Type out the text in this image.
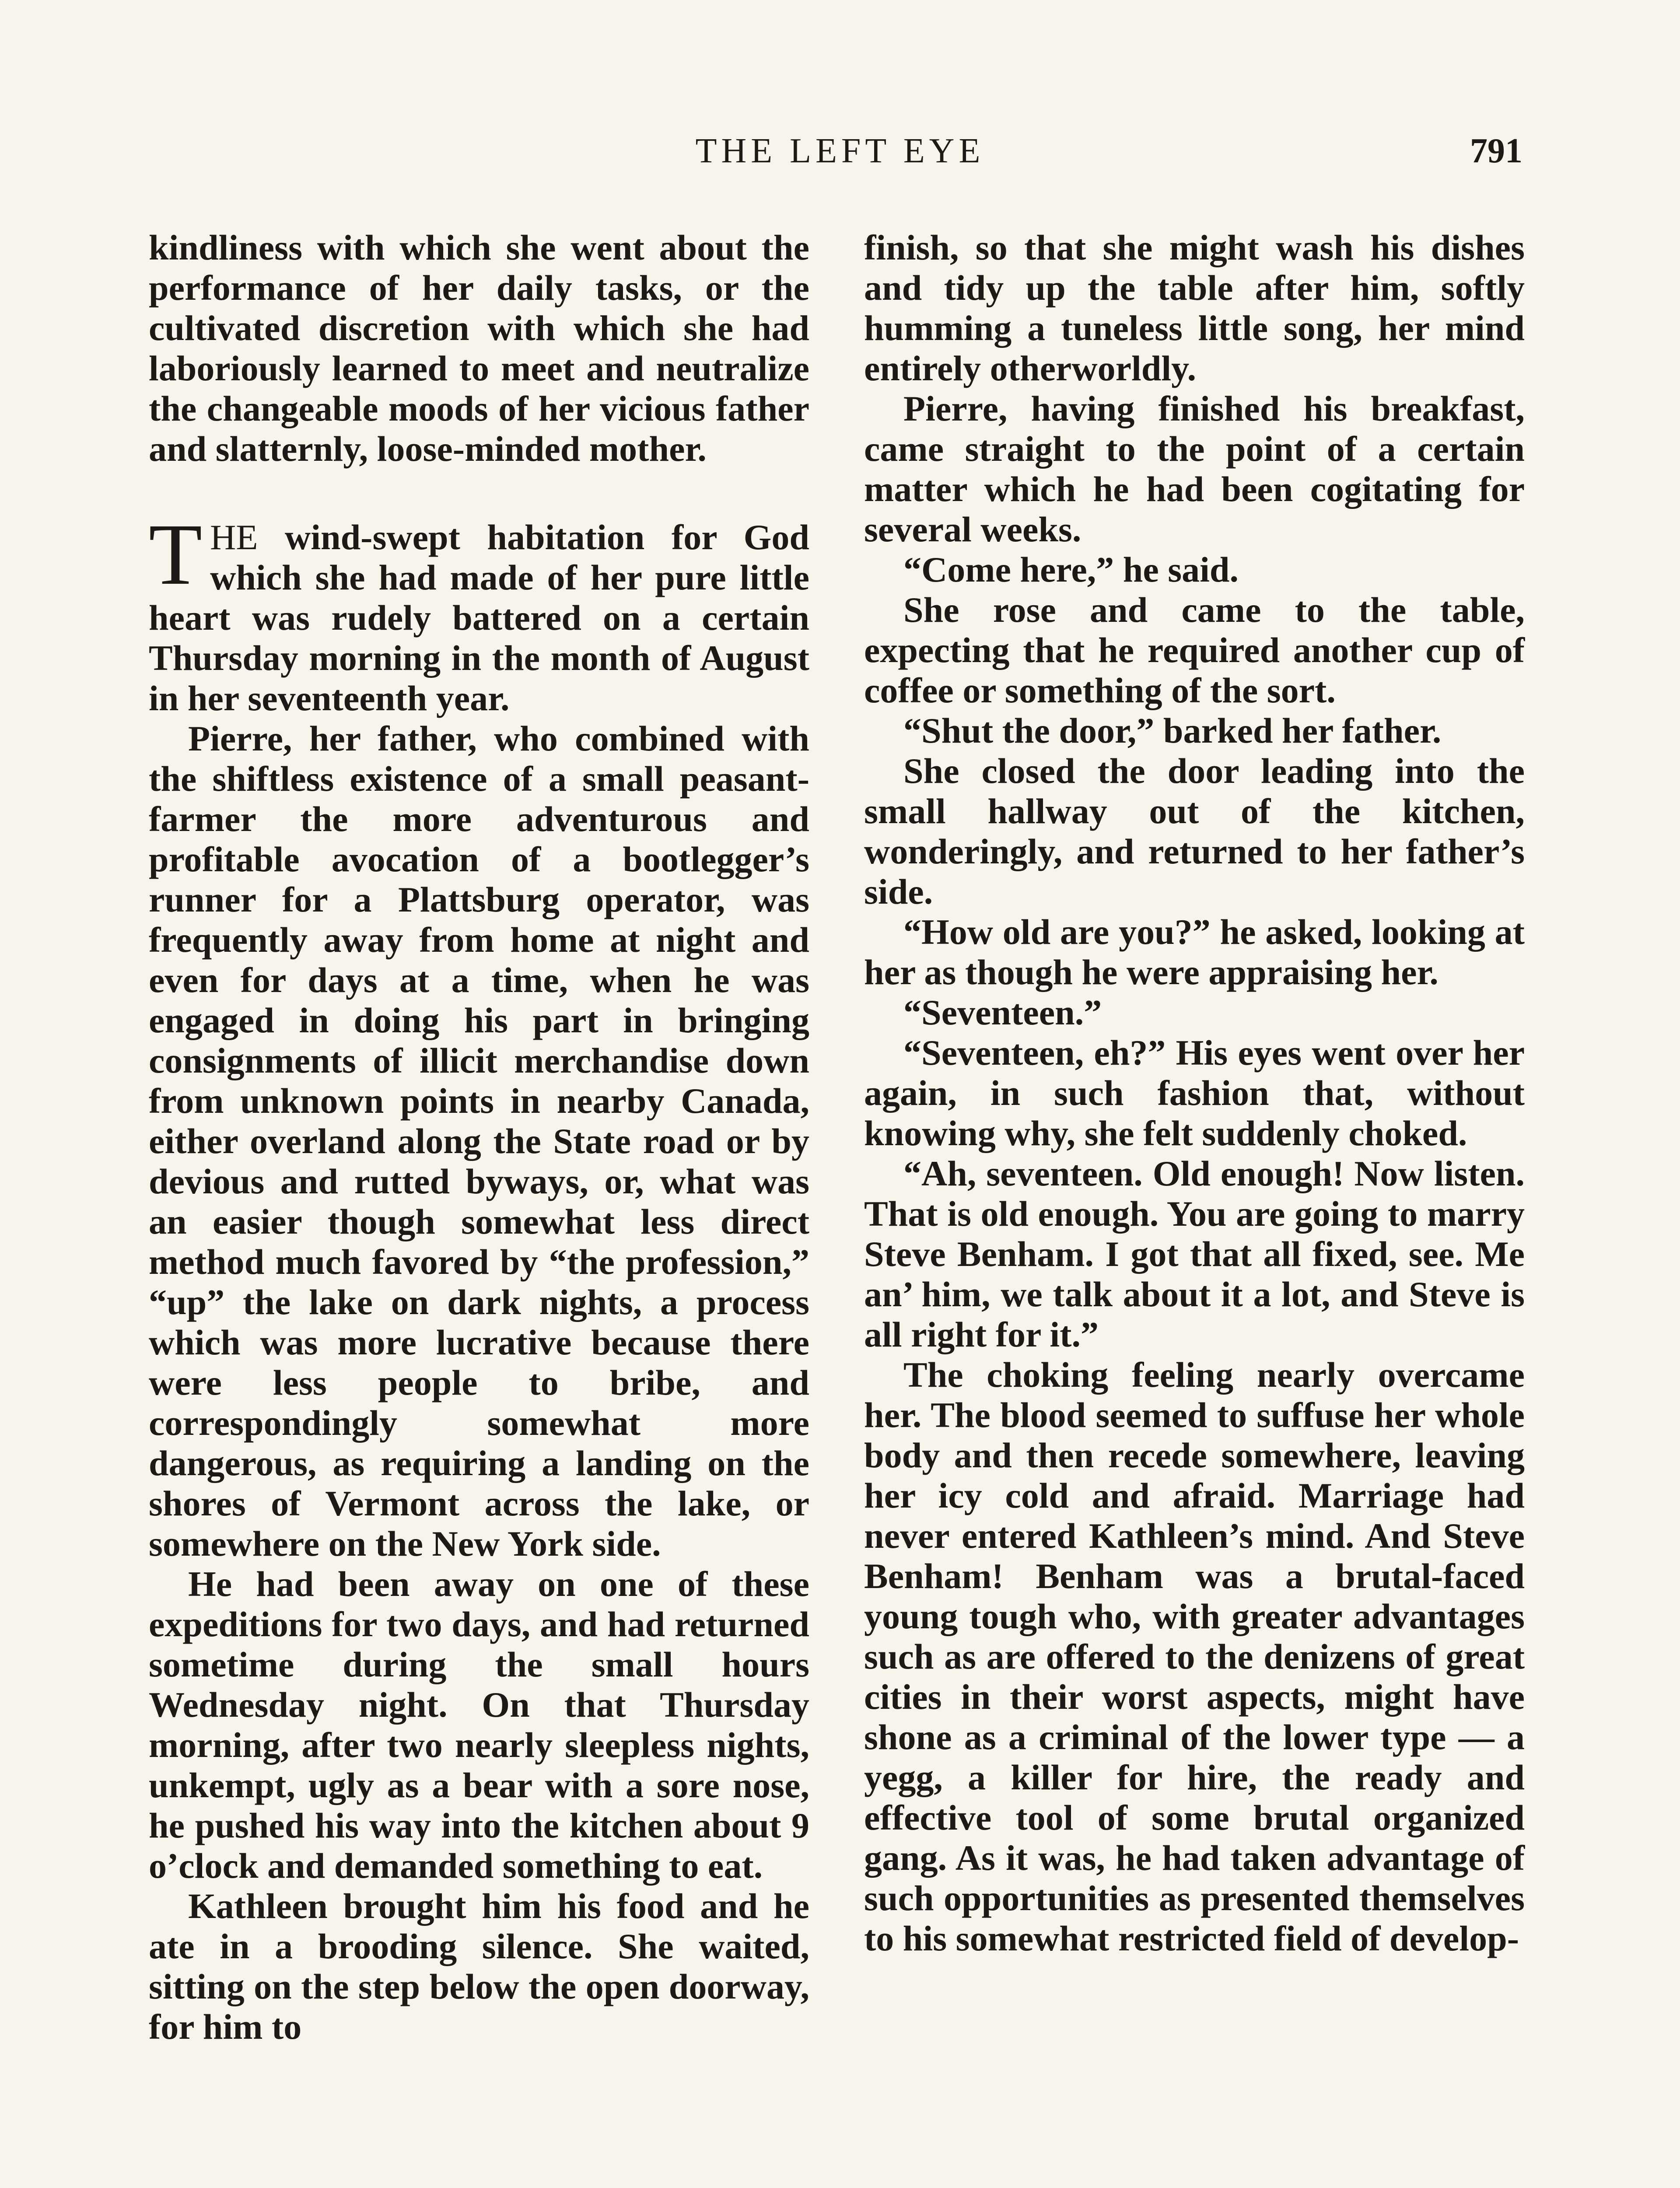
THE LEFT EYE	791

kindliness with which she went about the performance of her daily tasks, or the cultivated discretion with which she had laboriously learned to meet and neutralize the changeable moods of her vicious father and slatternly, loose-minded mother.

THE wind-swept habitation for God which she had made of her pure little heart was rudely battered on a certain Thursday morning in the month of August in her seventeenth year.

Pierre, her father, who combined with the shiftless existence of a small peasant-farmer the more adventurous and profitable avocation of a bootlegger’s runner for a Plattsburg operator, was frequently away from home at night and even for days at a time, when he was engaged in doing his part in bringing consignments of illicit merchandise down from unknown points in nearby Canada, either overland along the State road or by devious and rutted byways, or, what was an easier though somewhat less direct method much favored by “the profession,” “up” the lake on dark nights, a process which was more lucrative because there were less people to bribe, and correspondingly somewhat more dangerous, as requiring a landing on the shores of Vermont across the lake, or somewhere on the New York side.

He had been away on one of these expeditions for two days, and had returned sometime during the small hours Wednesday night. On that Thursday morning, after two nearly sleepless nights, unkempt, ugly as a bear with a sore nose, he pushed his way into the kitchen about 9 o’clock and demanded something to eat.

Kathleen brought him his food and he ate in a brooding silence. She waited, sitting on the step below the open doorway, for him to

finish, so that she might wash his dishes and tidy up the table after him, softly humming a tuneless little song, her mind entirely otherworldly.

Pierre, having finished his breakfast, came straight to the point of a certain matter which he had been cogitating for several weeks.

“Come here,” he said.

She rose and came to the table, expecting that he required another cup of coffee or something of the sort.

“Shut the door,” barked her father.

She closed the door leading into the small hallway out of the kitchen, wonderingly, and returned to her father’s side.

“How old are you?” he asked, looking at her as though he were appraising her.

“Seventeen.”

“Seventeen, eh?” His eyes went over her again, in such fashion that, without knowing why, she felt suddenly choked.

“Ah, seventeen. Old enough! Now listen. That is old enough. You are going to marry Steve Benham. I got that all fixed, see. Me an’ him, we talk about it a lot, and Steve is all right for it.”

The choking feeling nearly overcame her. The blood seemed to suffuse her whole body and then recede somewhere, leaving her icy cold and afraid. Marriage had never entered Kathleen’s mind. And Steve Benham! Benham was a brutal-faced young tough who, with greater advantages such as are offered to the denizens of great cities in their worst aspects, might have shone as a criminal of the lower type — a yegg, a killer for hire, the ready and effective tool of some brutal organized gang. As it was, he had taken advantage of such opportunities as presented themselves to his somewhat restricted field of develop-
